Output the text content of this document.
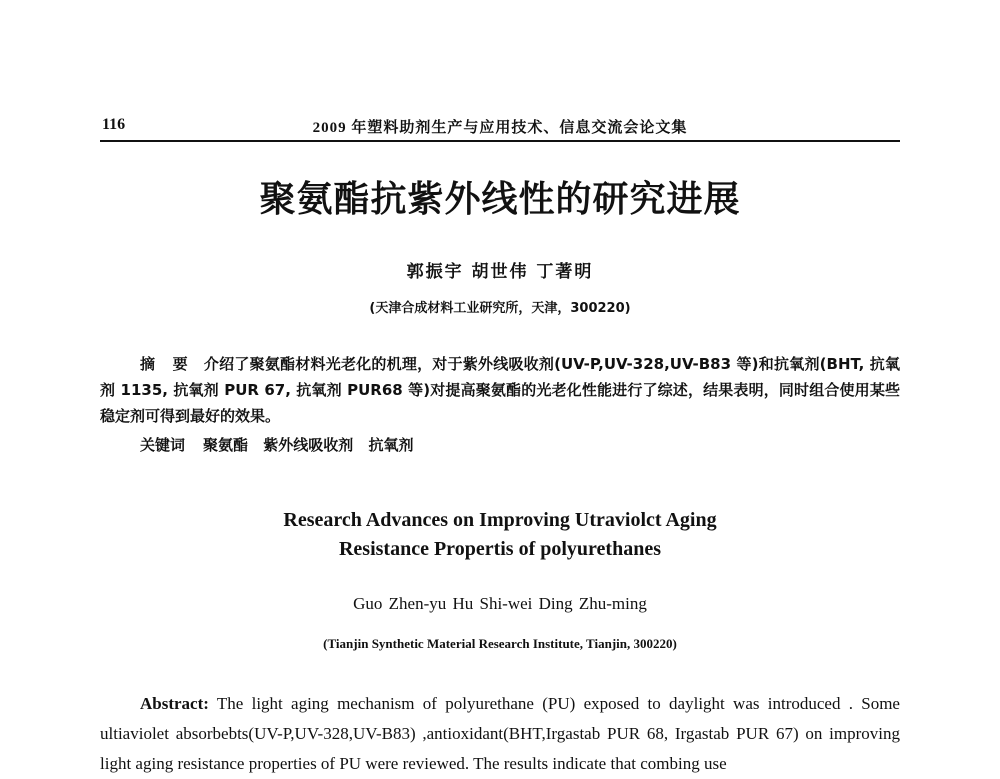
116	2009 年塑料助剂生产与应用技术、信息交流会论文集
聚氨酯抗紫外线性的研究进展
郭振宇 胡世伟 丁著明
(天津合成材料工业研究所，天津，300220)
摘 要 介绍了聚氨酯材料光老化的机理，对于紫外线吸收剂(UV-P,UV-328,UV-B83 等)和抗氧剂(BHT, 抗氧剂 1135, 抗氧剂 PUR 67, 抗氧剂 PUR68 等)对提高聚氨酯的光老化性能进行了综述，结果表明，同时组合使用某些稳定剂可得到最好的效果。
关键词 聚氨酯 紫外线吸收剂 抗氧剂
Research Advances on Improving Utraviolct Aging
Resistance Propertis of polyurethanes
Guo Zhen-yu Hu Shi-wei Ding Zhu-ming
(Tianjin Synthetic Material Research Institute, Tianjin, 300220)
Abstract: The light aging mechanism of polyurethane (PU) exposed to daylight was introduced . Some ultiaviolet absorbebts(UV-P,UV-328,UV-B83) ,antioxidant(BHT,Irgastab PUR 68, Irgastab PUR 67) on improving light aging resistance properties of PU were reviewed. The results indicate that combing use
